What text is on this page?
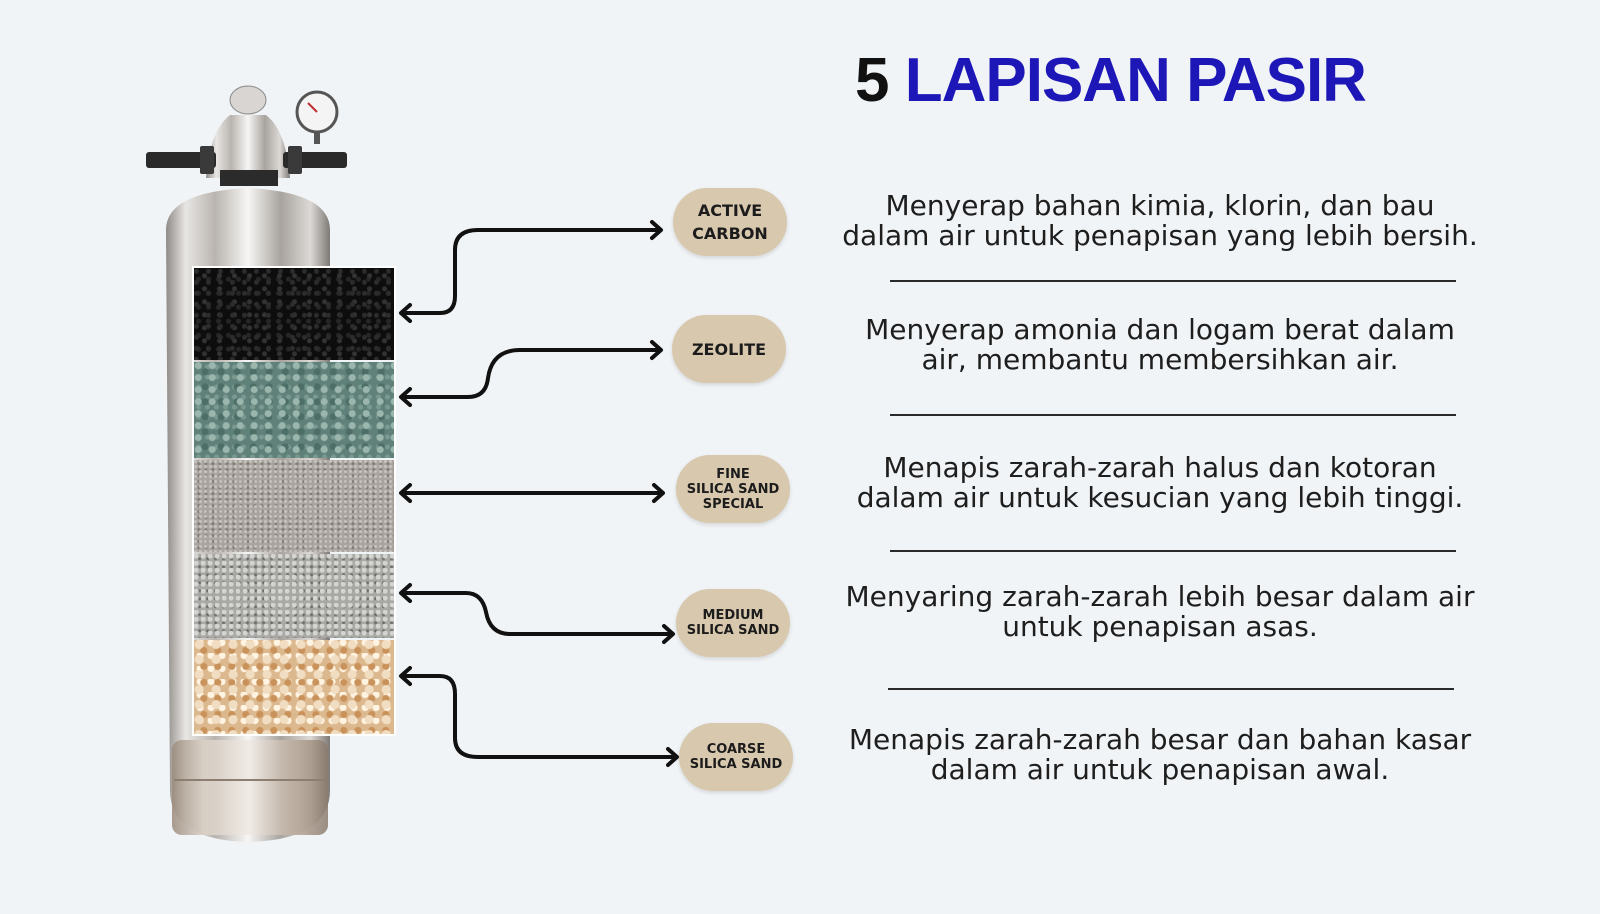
5 LAPISAN PASIR
ACTIVE
CARBON
ZEOLITE
FINE
SILICA SAND
SPECIAL
MEDIUM
SILICA SAND
COARSE
SILICA SAND
Menyerap bahan kimia, klorin, dan bau
dalam air untuk penapisan yang lebih bersih.
Menyerap amonia dan logam berat dalam
air, membantu membersihkan air.
Menapis zarah-zarah halus dan kotoran
dalam air untuk kesucian yang lebih tinggi.
Menyaring zarah-zarah lebih besar dalam air
untuk penapisan asas.
Menapis zarah-zarah besar dan bahan kasar
dalam air untuk penapisan awal.
